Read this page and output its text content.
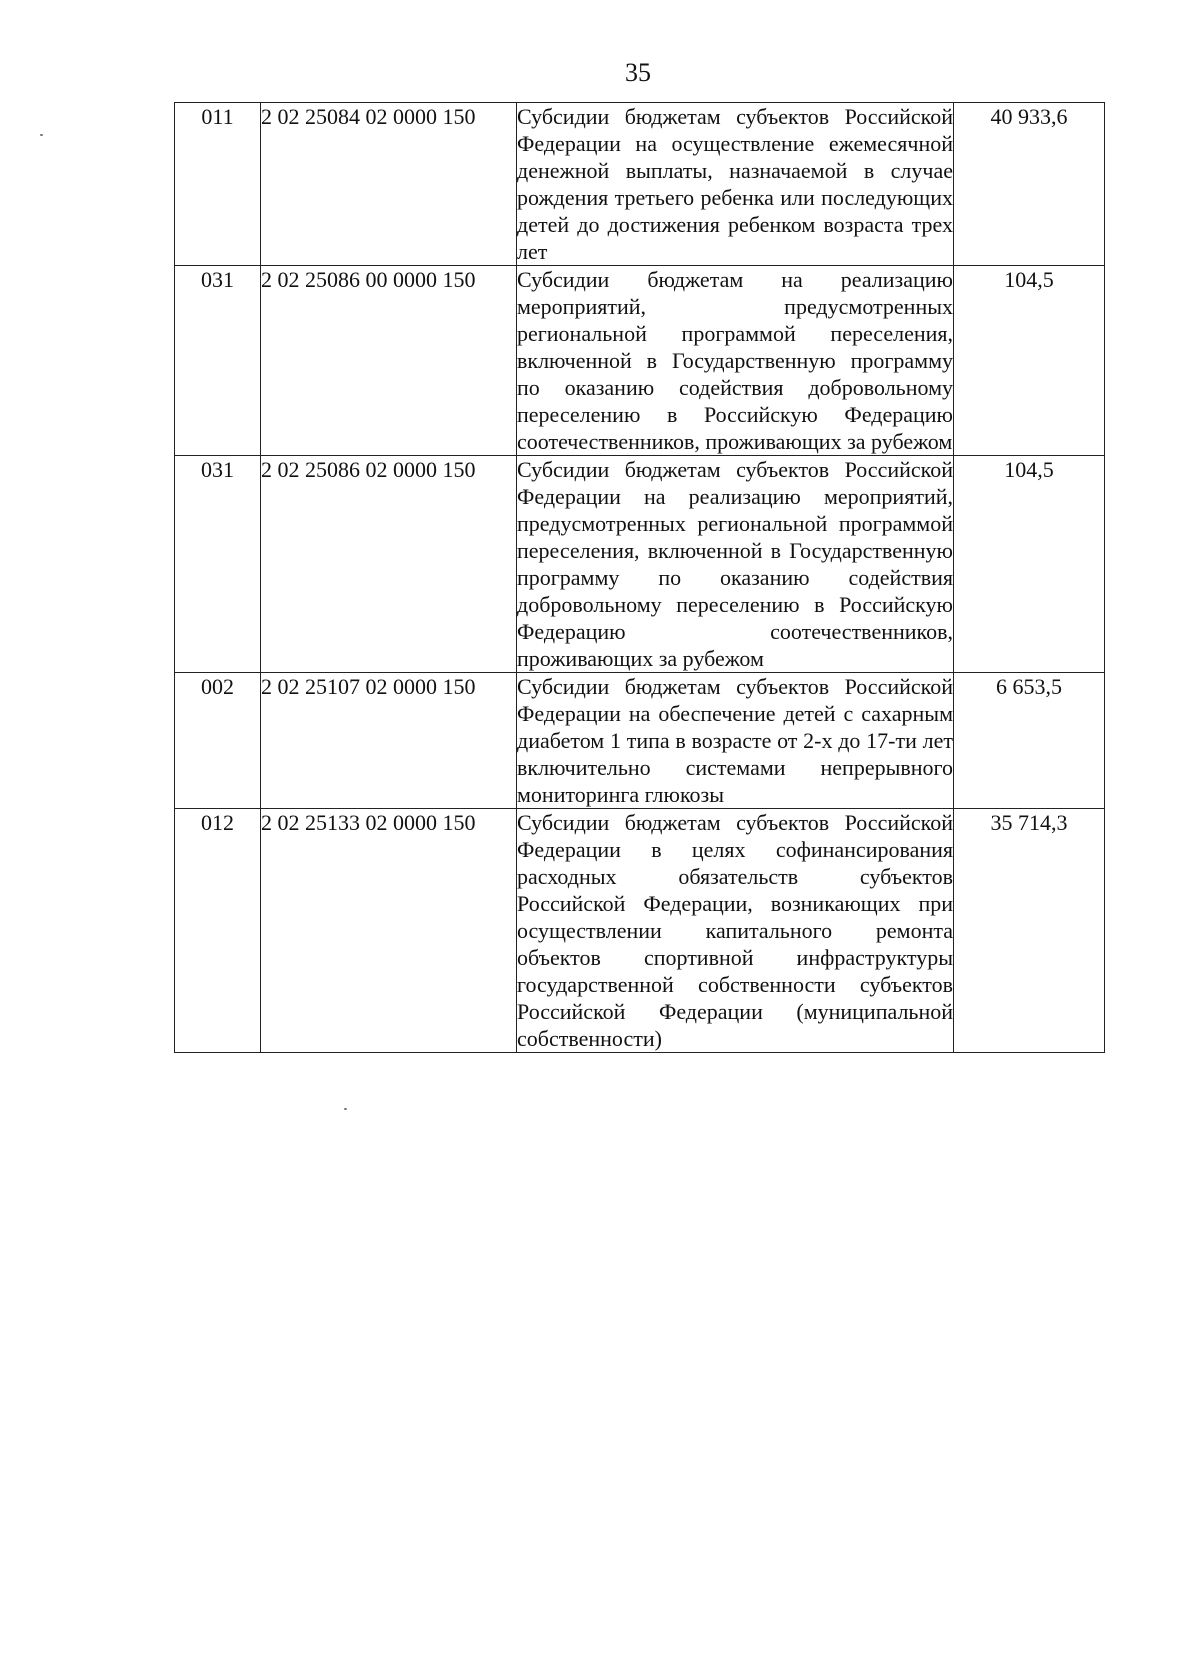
35
011	2 02 25084 02 0000 150	Субсидии бюджетам субъектов Российской Федерации на осуществление ежемесячной денежной выплаты, назначаемой в случае рождения третьего ребенка или последующих детей до достижения ребенком возраста трех лет	40 933,6
031	2 02 25086 00 0000 150	Субсидии бюджетам на реализацию мероприятий, предусмотренных региональной программой переселения, включенной в Государственную программу по оказанию содействия добровольному переселению в Российскую Федерацию соотечественников, проживающих за рубежом	104,5
031	2 02 25086 02 0000 150	Субсидии бюджетам субъектов Российской Федерации на реализацию мероприятий, предусмотренных региональной программой переселения, включенной в Государственную программу по оказанию содействия добровольному переселению в Российскую Федерацию соотечественников, проживающих за рубежом	104,5
002	2 02 25107 02 0000 150	Субсидии бюджетам субъектов Российской Федерации на обеспечение детей с сахарным диабетом 1 типа в возрасте от 2-х до 17-ти лет включительно системами непрерывного мониторинга глюкозы	6 653,5
012	2 02 25133 02 0000 150	Субсидии бюджетам субъектов Российской Федерации в целях софинансирования расходных обязательств субъектов Российской Федерации, возникающих при осуществлении капитального ремонта объектов спортивной инфраструктуры государственной собственности субъектов Российской Федерации (муниципальной собственности)	35 714,3
